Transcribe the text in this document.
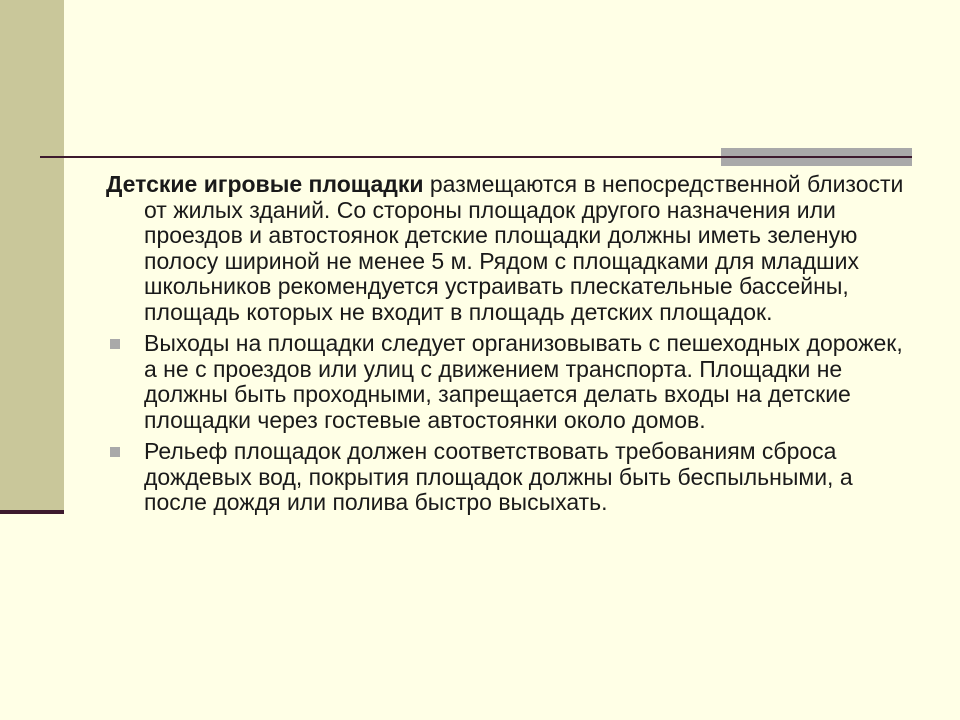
Детские игровые площадки размещаются в непосредственной близости от жилых зданий. Со стороны площадок другого назначения или проездов и автостоянок детские площадки должны иметь зеленую полосу шириной не менее 5 м. Рядом с площадками для младших школьников рекомендуется устраивать плескательные бассейны, площадь которых не входит в площадь детских площадок.
Выходы на площадки следует организовывать с пешеходных дорожек, а не с проездов или улиц с движением транспорта. Площадки не должны быть проходными, запрещается делать входы на детские площадки через гостевые автостоянки около домов.
Рельеф площадок должен соответствовать требованиям сброса дождевых вод, покрытия площадок должны быть беспыльными, а после дождя или полива быстро высыхать.
